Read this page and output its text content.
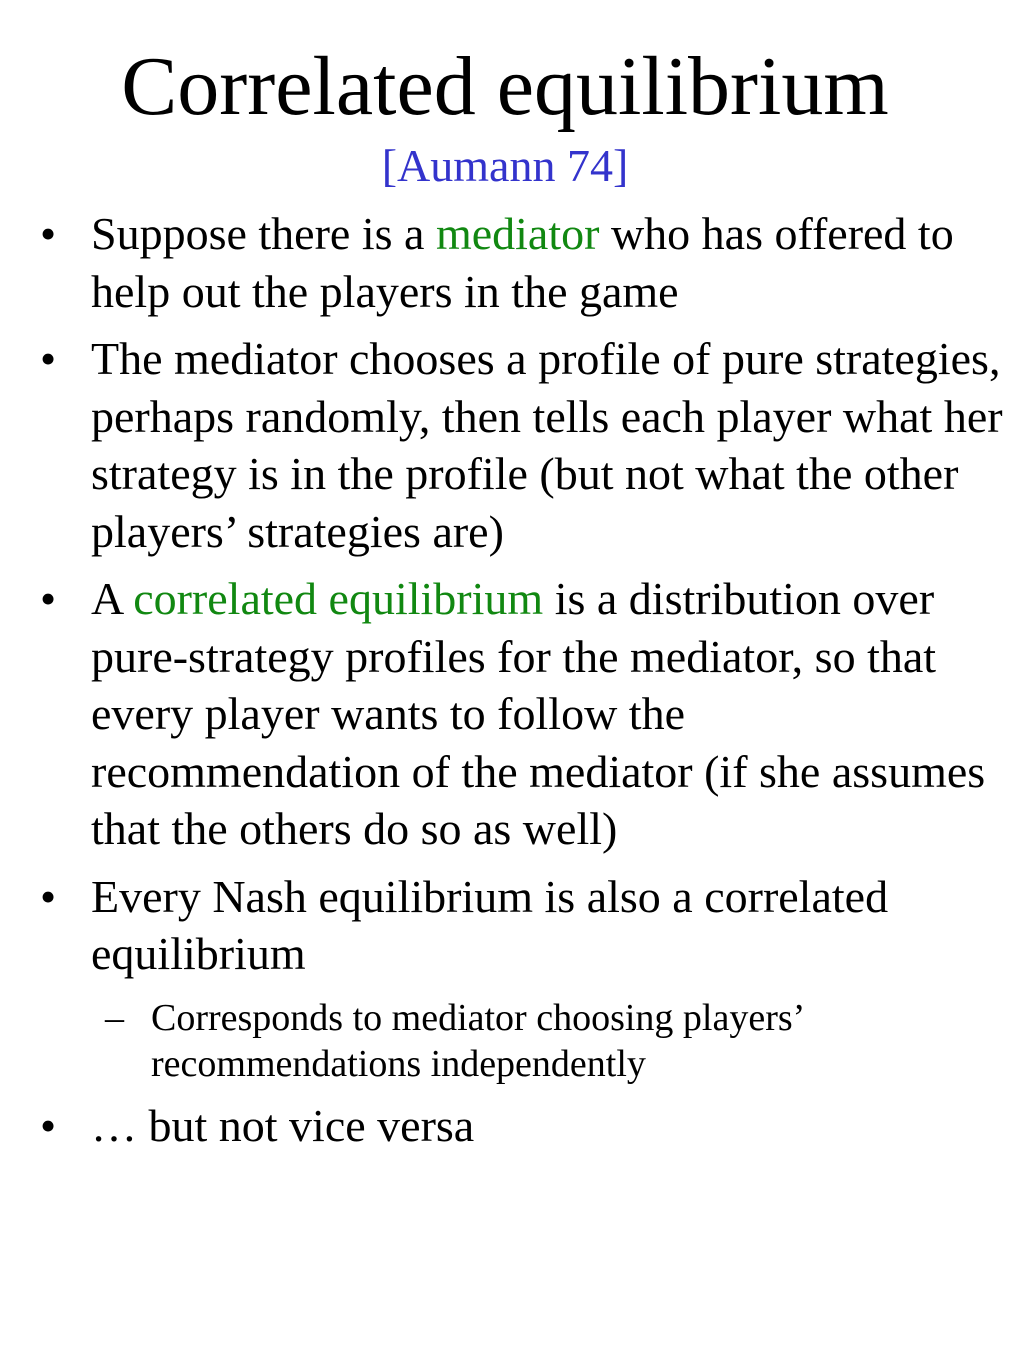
Correlated equilibrium
[Aumann 74]
• Suppose there is a mediator who has offered to help out the players in the game
• The mediator chooses a profile of pure strategies, perhaps randomly, then tells each player what her strategy is in the profile (but not what the other players’ strategies are)
• A correlated equilibrium is a distribution over pure-strategy profiles for the mediator, so that every player wants to follow the recommendation of the mediator (if she assumes that the others do so as well)
• Every Nash equilibrium is also a correlated equilibrium
– Corresponds to mediator choosing players’ recommendations independently
• … but not vice versa
